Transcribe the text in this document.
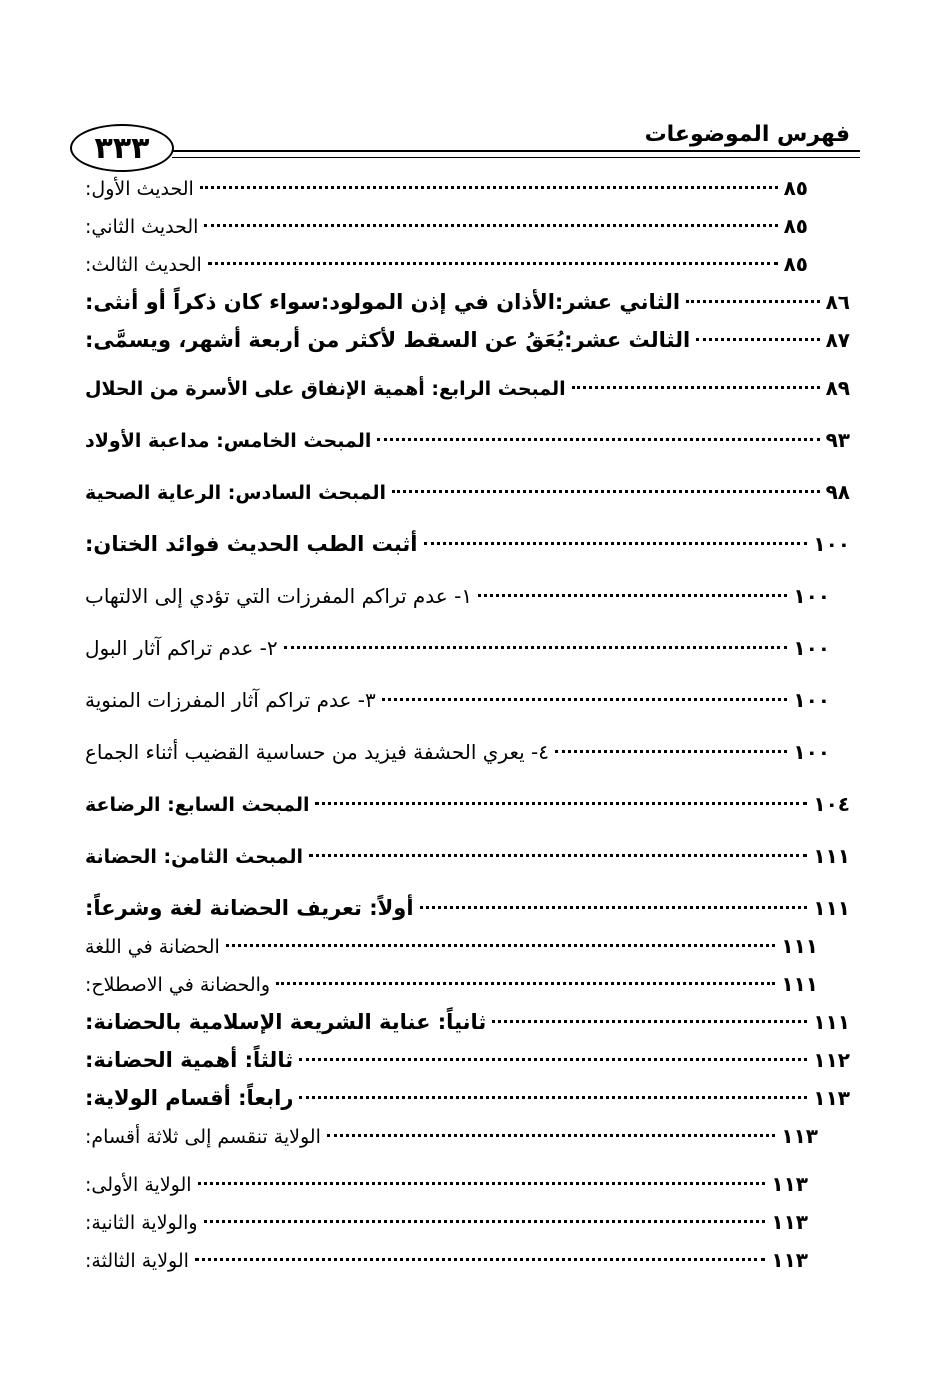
٣٣٣	فهرس الموضوعات
الحديث الأول:	٨٥
الحديث الثاني:	٨٥
الحديث الثالث:	٨٥
الثاني عشر:الأذان في إذن المولود:سواء كان ذكراً أو أنثى:	٨٦
الثالث عشر:يُعَقُ عن السقط لأكثر من أربعة أشهر، ويسمَّى:	٨٧
المبحث الرابع: أهمية الإنفاق على الأسرة من الحلال	٨٩
المبحث الخامس: مداعبة الأولاد	٩٣
المبحث السادس: الرعاية الصحية	٩٨
أثبت الطب الحديث فوائد الختان:	١٠٠
١- عدم تراكم المفرزات التي تؤدي إلى الالتهاب	١٠٠
٢- عدم تراكم آثار البول	١٠٠
٣- عدم تراكم آثار المفرزات المنوية	١٠٠
٤- يعري الحشفة فيزيد من حساسية القضيب أثناء الجماع	١٠٠
المبحث السابع: الرضاعة	١٠٤
المبحث الثامن: الحضانة	١١١
أولاً: تعريف الحضانة لغة وشرعاً:	١١١
الحضانة في اللغة	١١١
والحضانة في الاصطلاح:	١١١
ثانياً: عناية الشريعة الإسلامية بالحضانة:	١١١
ثالثاً: أهمية الحضانة:	١١٢
رابعاً: أقسام الولاية:	١١٣
الولاية تنقسم إلى ثلاثة أقسام:	١١٣
الولاية الأولى:	١١٣
والولاية الثانية:	١١٣
الولاية الثالثة:	١١٣
